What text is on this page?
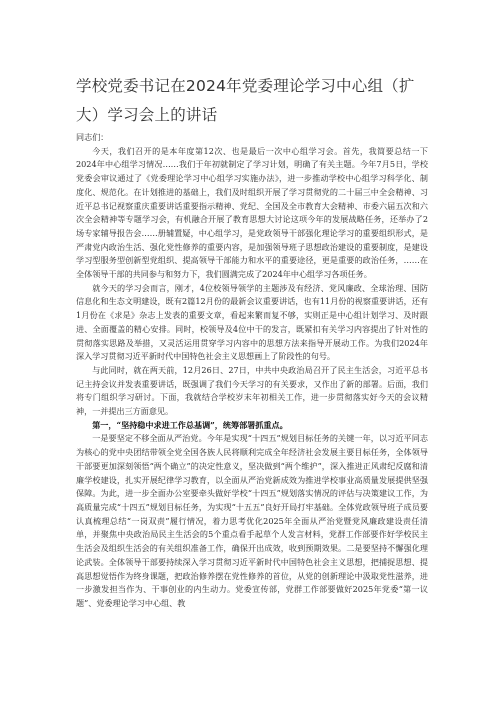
学校党委书记在2024年党委理论学习中心组（扩大）学习会上的讲话

同志们：

今天，我们召开的是本年度第12次、也是最后一次中心组学习会。首先，我简要总结一下2024年中心组学习情况……我们于年初就制定了学习计划，明确了有关主题。今年7月5日，学校党委会审议通过了《党委理论学习中心组学习实施办法》，进一步推动学校中心组学习科学化、制度化、规范化。在计划推进的基础上，我们及时组织开展了学习贯彻党的二十届三中全会精神、习近平总书记视察重庆重要讲话重要指示精神、党纪、全国及全市教育大会精神、市委六届五次和六次全会精神等专题学习会，有机融合开展了教育思想大讨论这项今年的发展战略任务，还举办了2场专家辅导报告会……册辅置疑，中心组学习，是党政领导干部强化理论学习的重要组织形式，是严肃党内政治生活、强化党性修养的重要内容，是加强领导班子思想政治建设的重要制度，是建设学习型服务型创新型党组织、提高领导干部能力和水平的重要途径，更是重要的政治任务，……在全体领导干部的共同参与和努力下，我们圆满完成了2024年中心组学习各项任务。

就今天的学习会而言，刚才，4位校领导领学的主题涉及有经济、党风廉政、全球治理、国防信息化和生态文明建设，既有2篇12月份的最新会议重要讲话，也有11月份的视察重要讲话，还有1月份在《求是》杂志上发表的重要文章，看起来繁而复不够，实则正是中心组计划学习、及时跟进、全面覆盖的精心安排。同时，校领导及4位中干的发言，既紧扣有关学习内容提出了针对性的贯彻落实思路及举措，又灵活运用贯穿学习内容中的思想方法来指导开展动工作。为我们2024年深入学习贯彻习近平新时代中国特色社会主义思想画上了阶段性的句号。

与此同时，就在两天前，12月26日、27日，中共中央政治局召开了民主生活会，习近平总书记主持会议并发表重要讲话，既强调了我们今天学习的有关要求，又作出了新的部署。后面，我们将专门组织学习研讨。下面，我就结合学校岁末年初相关工作，进一步贯彻落实好今天的会议精神，一并提出三方面意见。

第一，“坚持稳中求进工作总基调”，统筹部署抓重点。

一是要坚定不移全面从严治党。今年是实现“十四五”规划目标任务的关键一年，以习近平同志为核心的党中央团结带领全党全国各族人民将顺利完成全年经济社会发展主要目标任务，全体领导干部要更加深刻领悟“两个确立”的决定性意义，坚决做到“两个维护”，深入推进正风肃纪反腐和清廉学校建设，扎实开展纪律学习教育，以全面从严治党新成效为推进学校事业高质量发展提供坚强保障。为此，进一步全面办公室要牵头做好学校“十四五”规划落实情况的评估与决策建议工作，为高质量完成“十四五”规划目标任务，为实现“十五五”良好开局打牢基础。全体党政领导班子成员要认真梳理总结“一岗双责”履行情况，着力思考优化2025年全面从严治党暨党风廉政建设责任清单，并聚焦中央政治局民主生活会的5个重点看手起草个人发言材料，党群工作部要作好学校民主生活会及组织生活会的有关组织准备工作，确保开出成效，收到预期效果。二是要坚持不懈强化理论武装。全体领导干部要持续深入学习贯彻习近平新时代中国特色社会主义思想，把捕捉思想、提高思想觉悟作为终身课题，把政治修养摆在党性修养的首位，从党的创新理论中汲取党性滋养，进一步激发担当作为、干事创业的内生动力。党委宣传部，党群工作部要做好2025年党委“第一议题”、党委理论学习中心组、教
